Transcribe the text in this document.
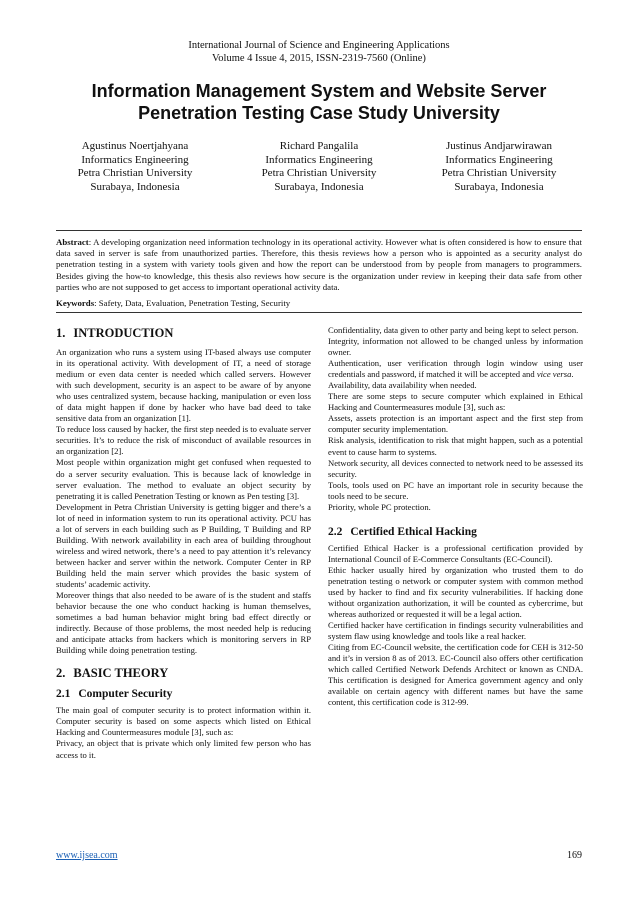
International Journal of Science and Engineering Applications
Volume 4 Issue 4, 2015, ISSN-2319-7560 (Online)
Information Management System and Website Server
Penetration Testing Case Study University
Agustinus Noertjahyana
Informatics Engineering
Petra Christian University
Surabaya, Indonesia
Richard Pangalila
Informatics Engineering
Petra Christian University
Surabaya, Indonesia
Justinus Andjarwirawan
Informatics Engineering
Petra Christian University
Surabaya, Indonesia
Abstract: A developing organization need information technology in its operational activity. However what is often considered is how to ensure that data saved in server is safe from unauthorized parties. Therefore, this thesis reviews how a person who is appointed as a security analyst do penetration testing in a system with variety tools given and how the report can be understood from by people from managers to programmers. Besides giving the how-to knowledge, this thesis also reviews how secure is the organization under review in keeping their data safe from other parties who are not supposed to get access to important operational activity data.
Keywords: Safety, Data, Evaluation, Penetration Testing, Security
1. INTRODUCTION

An organization who runs a system using IT-based always use computer in its operational activity. With development of IT, a need of storage medium or even data center is needed which called servers. However with such development, security is an aspect to be aware of by anyone who uses centralized system, because hacking, manipulation or even loss of data might happen if done by hacker who have bad deed to take sensitive data from an organization [1].

To reduce loss caused by hacker, the first step needed is to evaluate server securities. It’s to reduce the risk of misconduct of available resources in an organization [2].

Most people within organization might get confused when requested to do a server security evaluation. This is because lack of knowledge in server evaluation. The method to evaluate an object security by penetrating it is called Penetration Testing or known as Pen testing [3].

Development in Petra Christian University is getting bigger and there’s a lot of need in information system to run its operational activity. PCU has a lot of servers in each building such as P Building, T Building and RP Building. With network availability in each area of building throughout wireless and wired network, there’s a need to pay attention it’s relevancy between hacker and server within the network. Computer Center in RP Building held the main server which provides the basic system of students’ academic activity.

Moreover things that also needed to be aware of is the student and staffs behavior because the one who conduct hacking is human themselves, sometimes a bad human behavior might bring bad effect directly or indirectly. Because of those problems, the most needed help is reducing and anticipate attacks from hackers which is monitoring servers in RP Building while doing penetration testing.

2. BASIC THEORY
2.1 Computer Security

The main goal of computer security is to protect information within it. Computer security is based on some aspects which listed on Ethical Hacking and Countermeasures module [3], such as:

Privacy, an object that is private which only limited few person who has access to it.

Confidentiality, data given to other party and being kept to select person.

Integrity, information not allowed to be changed unless by information owner.

Authentication, user verification through login window using user credentials and password, if matched it will be accepted and vice versa.

Availability, data availability when needed.

There are some steps to secure computer which explained in Ethical Hacking and Countermeasures module [3], such as:

Assets, assets protection is an important aspect and the first step from computer security implementation.

Risk analysis, identification to risk that might happen, such as a potential event to cause harm to systems.

Network security, all devices connected to network need to be assessed its security.

Tools, tools used on PC have an important role in security because the tools need to be secure.

Priority, whole PC protection.

2.2 Certified Ethical Hacking

Certified Ethical Hacker is a professional certification provided by International Council of E-Commerce Consultants (EC-Council).

Ethic hacker usually hired by organization who trusted them to do penetration testing o network or computer system with common method used by hacker to find and fix security vulnerabilities. If hacking done without organization authorization, it will be counted as cybercrime, but whereas authorized or requested it will be a legal action.

Certified hacker have certification in findings security vulnerabilities and system flaw using knowledge and tools like a real hacker.

Citing from EC-Council website, the certification code for CEH is 312-50 and it’s in version 8 as of 2013. EC-Council also offers other certification which called Certified Network Defends Architect or known as CNDA. This certification is designed for America government agency and only available on certain agency with different names but have the same content, this certification code is 312-99.

www.ijsea.com	169
